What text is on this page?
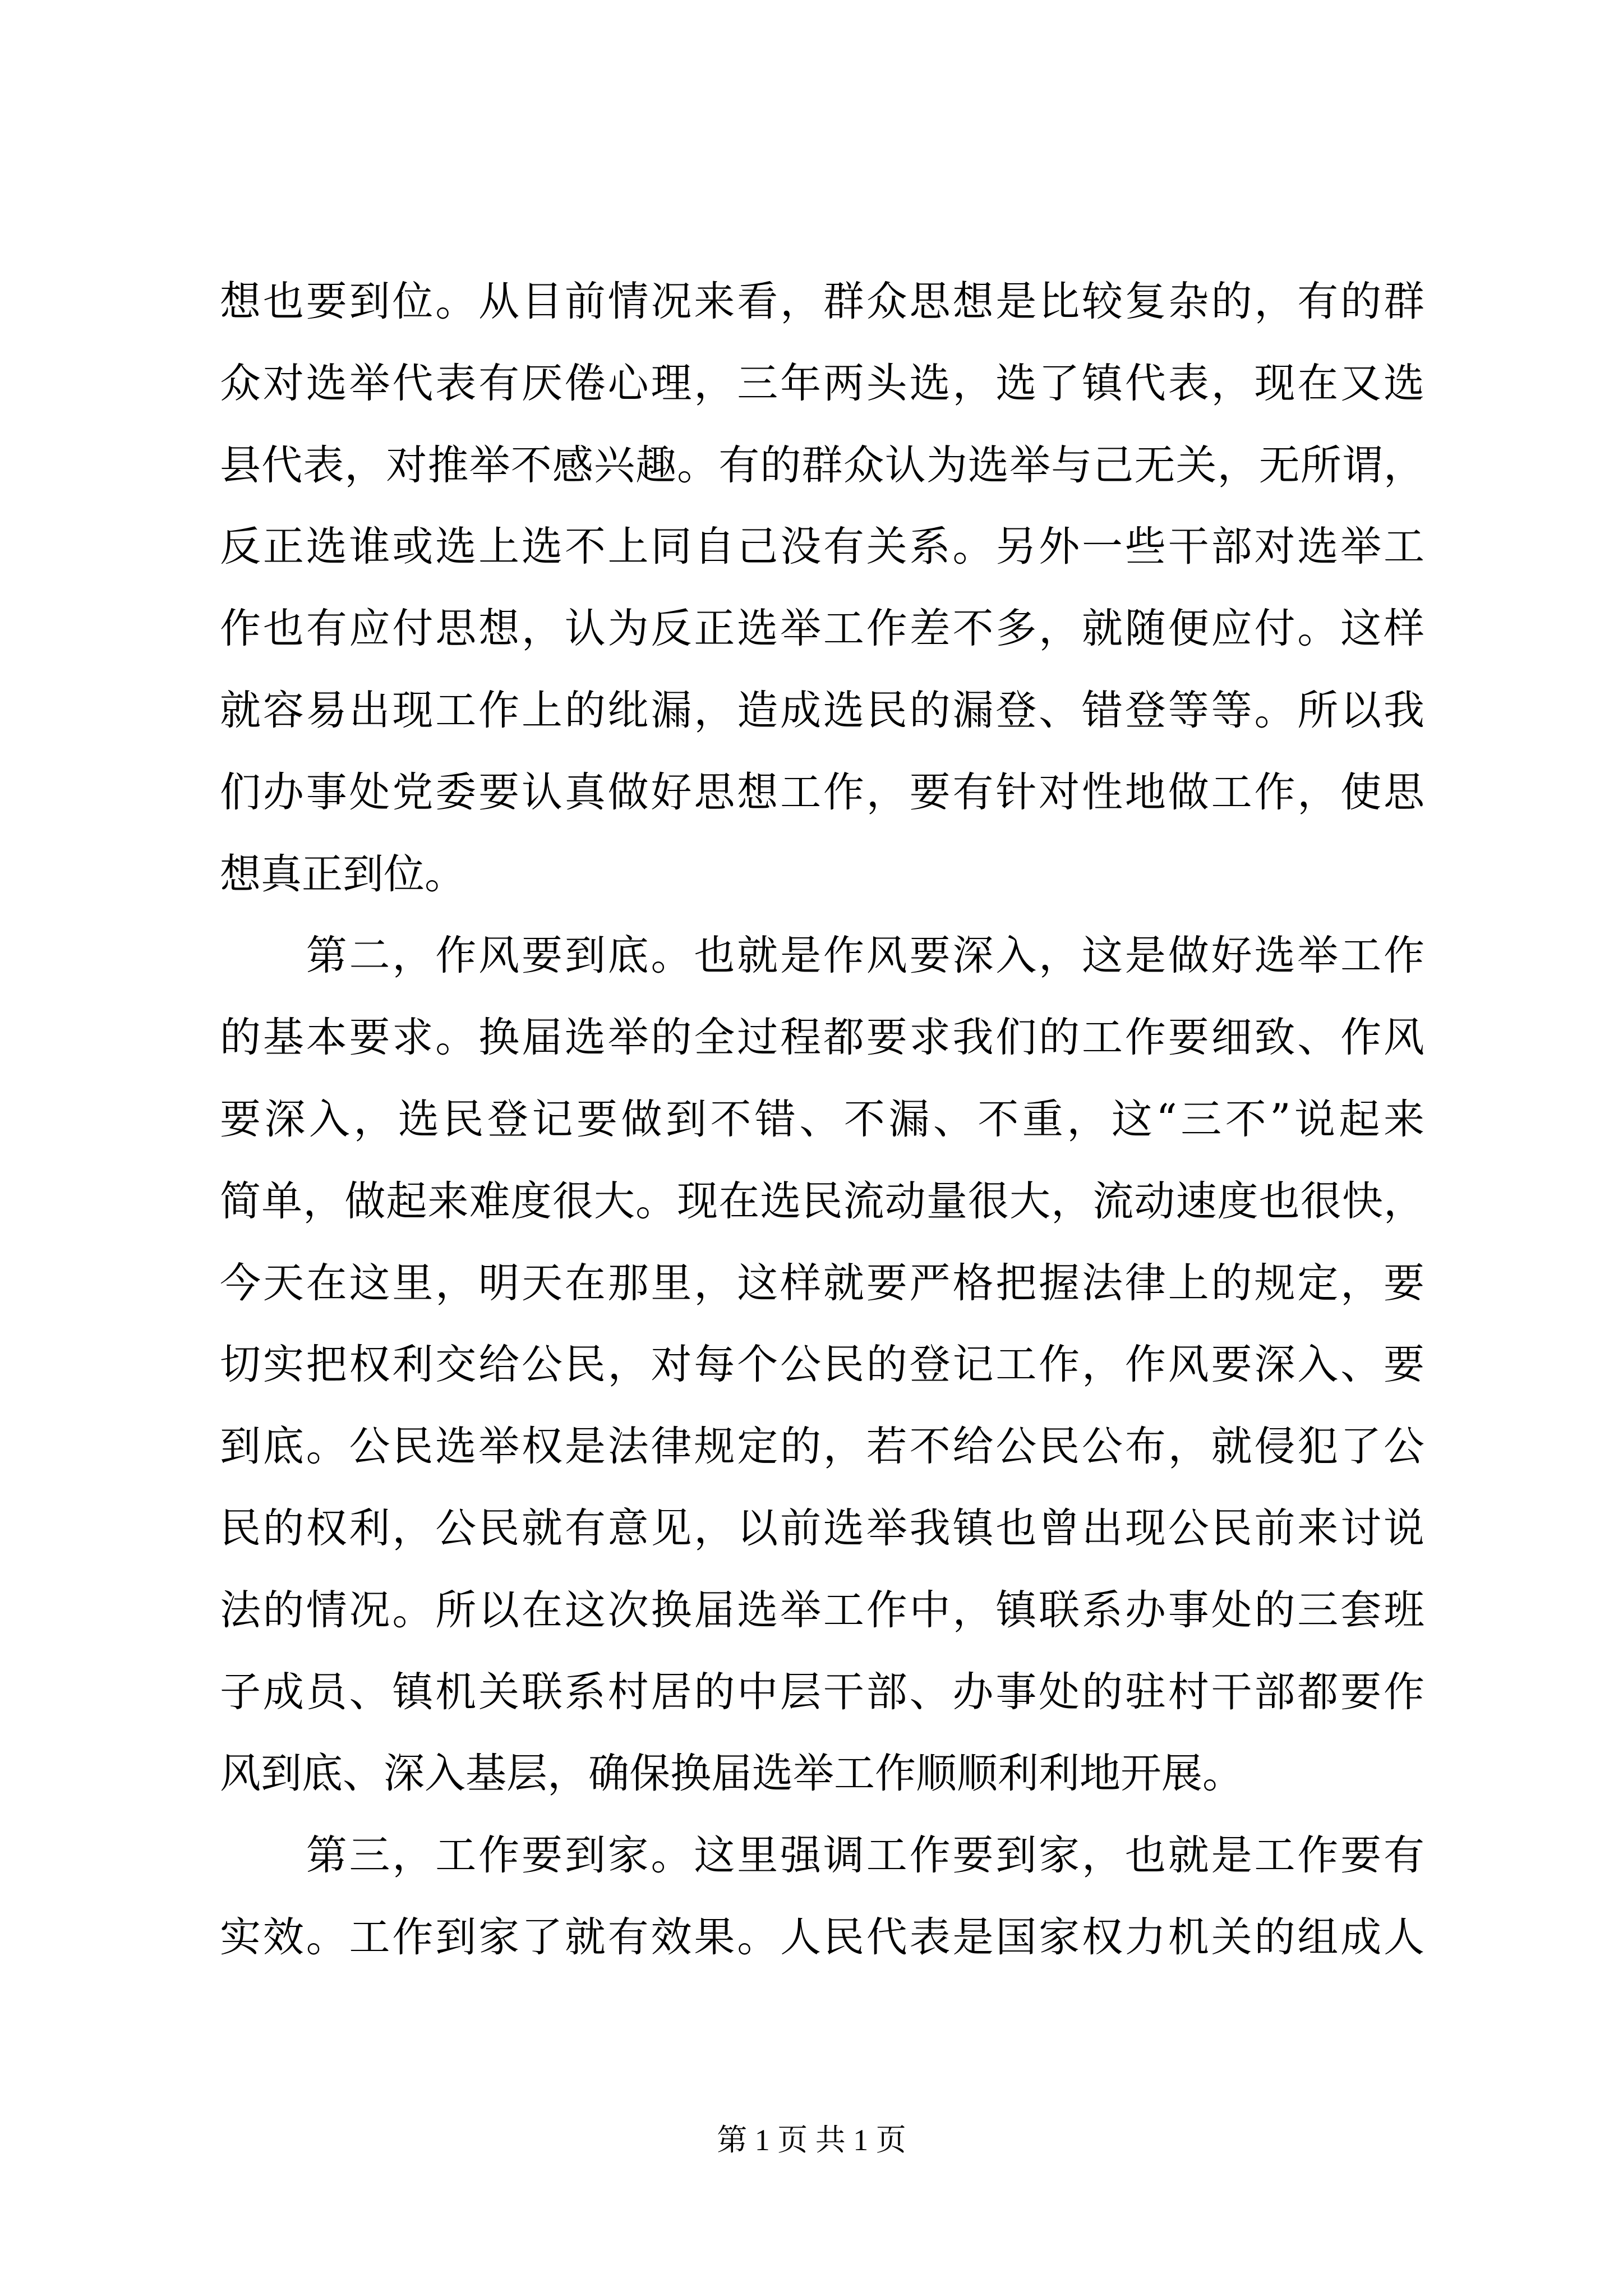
想也要到位。从目前情况来看，群众思想是比较复杂的，有的群
众对选举代表有厌倦心理，三年两头选，选了镇代表，现在又选
县代表，对推举不感兴趣。有的群众认为选举与己无关，无所谓，
反正选谁或选上选不上同自己没有关系。另外一些干部对选举工
作也有应付思想，认为反正选举工作差不多，就随便应付。这样
就容易出现工作上的纰漏，造成选民的漏登、错登等等。所以我
们办事处党委要认真做好思想工作，要有针对性地做工作，使思
想真正到位。
　　第二，作风要到底。也就是作风要深入，这是做好选举工作
的基本要求。换届选举的全过程都要求我们的工作要细致、作风
要深入，选民登记要做到不错、不漏、不重，这“三不”说起来
简单，做起来难度很大。现在选民流动量很大，流动速度也很快，
今天在这里，明天在那里，这样就要严格把握法律上的规定，要
切实把权利交给公民，对每个公民的登记工作，作风要深入、要
到底。公民选举权是法律规定的，若不给公民公布，就侵犯了公
民的权利，公民就有意见，以前选举我镇也曾出现公民前来讨说
法的情况。所以在这次换届选举工作中，镇联系办事处的三套班
子成员、镇机关联系村居的中层干部、办事处的驻村干部都要作
风到底、深入基层，确保换届选举工作顺顺利利地开展。
　　第三，工作要到家。这里强调工作要到家，也就是工作要有
实效。工作到家了就有效果。人民代表是国家权力机关的组成人
第 1 页 共 1 页
